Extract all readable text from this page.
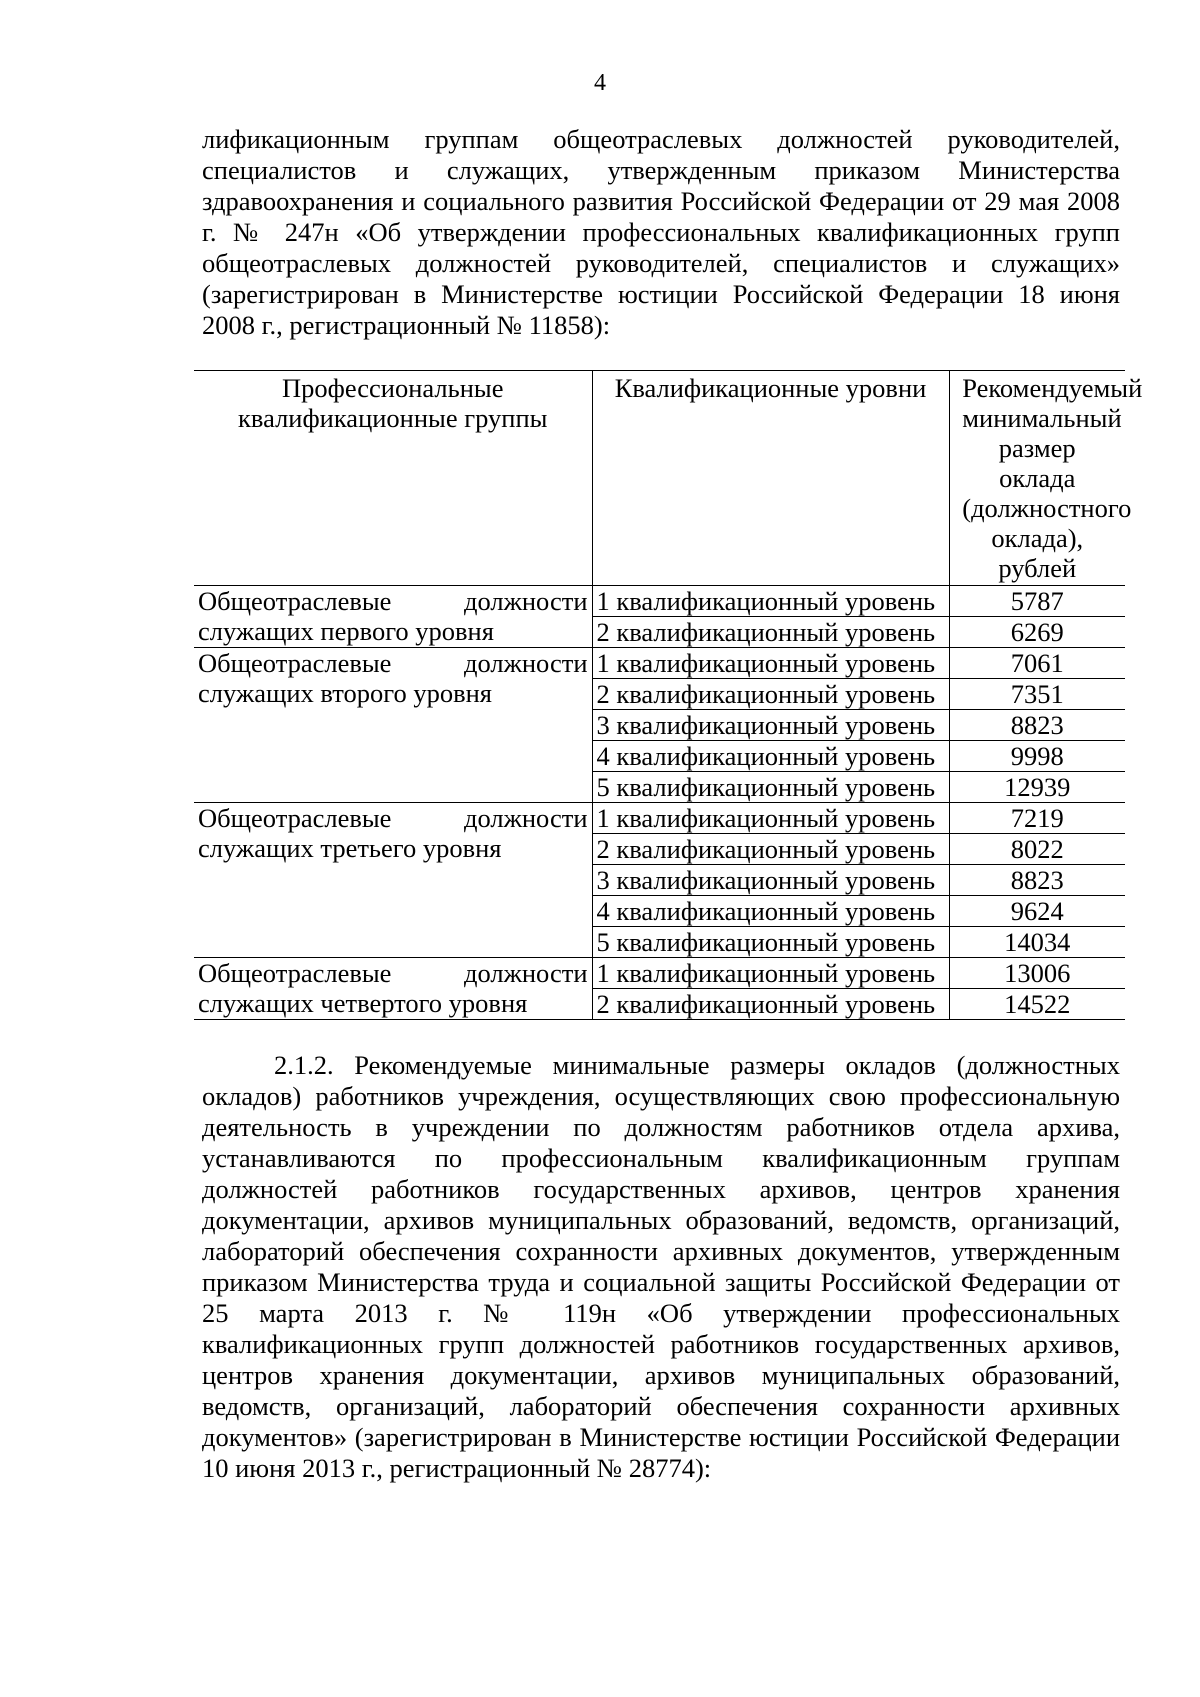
4

лификационным группам общеотраслевых должностей руководителей, специалистов и служащих, утвержденным приказом Министерства здравоохранения и социального развития Российской Федерации от 29 мая 2008 г. № 247н «Об утверждении профессиональных квалификационных групп общеотраслевых должностей руководителей, специалистов и служащих» (зарегистрирован в Министерстве юстиции Российской Федерации 18 июня 2008 г., регистрационный № 11858):

Профессиональные квалификационные группы	Квалификационные уровни	Рекомендуемый минимальный размер оклада (должностного оклада), рублей

Общеотраслевые должности служащих первого уровня	1 квалификационный уровень	5787
	2 квалификационный уровень	6269
Общеотраслевые должности служащих второго уровня	1 квалификационный уровень	7061
	2 квалификационный уровень	7351
	3 квалификационный уровень	8823
	4 квалификационный уровень	9998
	5 квалификационный уровень	12939
Общеотраслевые должности служащих третьего уровня	1 квалификационный уровень	7219
	2 квалификационный уровень	8022
	3 квалификационный уровень	8823
	4 квалификационный уровень	9624
	5 квалификационный уровень	14034
Общеотраслевые должности служащих четвертого уровня	1 квалификационный уровень	13006
	2 квалификационный уровень	14522

2.1.2. Рекомендуемые минимальные размеры окладов (должностных окладов) работников учреждения, осуществляющих свою профессиональную деятельность в учреждении по должностям работников отдела архива, устанавливаются по профессиональным квалификационным группам должностей работников государственных архивов, центров хранения документации, архивов муниципальных образований, ведомств, организаций, лабораторий обеспечения сохранности архивных документов, утвержденным приказом Министерства труда и социальной защиты Российской Федерации от 25 марта 2013 г. № 119н «Об утверждении профессиональных квалификационных групп должностей работников государственных архивов, центров хранения документации, архивов муниципальных образований, ведомств, организаций, лабораторий обеспечения сохранности архивных документов» (зарегистрирован в Министерстве юстиции Российской Федерации 10 июня 2013 г., регистрационный № 28774):
